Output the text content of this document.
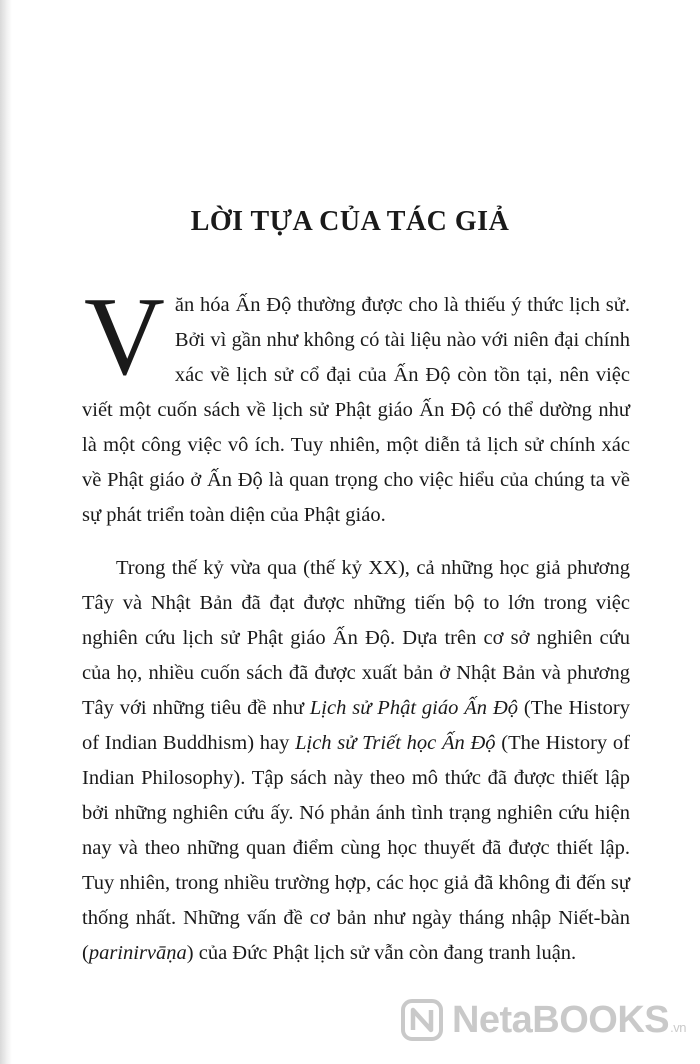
LỜI TỰA CỦA TÁC GIẢ

Văn hóa Ấn Độ thường được cho là thiếu ý thức lịch sử. Bởi vì gần như không có tài liệu nào với niên đại chính xác về lịch sử cổ đại của Ấn Độ còn tồn tại, nên việc viết một cuốn sách về lịch sử Phật giáo Ấn Độ có thể dường như là một công việc vô ích. Tuy nhiên, một diễn tả lịch sử chính xác về Phật giáo ở Ấn Độ là quan trọng cho việc hiểu của chúng ta về sự phát triển toàn diện của Phật giáo.

Trong thế kỷ vừa qua (thế kỷ XX), cả những học giả phương Tây và Nhật Bản đã đạt được những tiến bộ to lớn trong việc nghiên cứu lịch sử Phật giáo Ấn Độ. Dựa trên cơ sở nghiên cứu của họ, nhiều cuốn sách đã được xuất bản ở Nhật Bản và phương Tây với những tiêu đề như Lịch sử Phật giáo Ấn Độ (The History of Indian Buddhism) hay Lịch sử Triết học Ấn Độ (The History of Indian Philosophy). Tập sách này theo mô thức đã được thiết lập bởi những nghiên cứu ấy. Nó phản ánh tình trạng nghiên cứu hiện nay và theo những quan điểm cùng học thuyết đã được thiết lập. Tuy nhiên, trong nhiều trường hợp, các học giả đã không đi đến sự thống nhất. Những vấn đề cơ bản như ngày tháng nhập Niết-bàn (parinirvāṇa) của Đức Phật lịch sử vẫn còn đang tranh luận.

NetaBOOKS.vn
